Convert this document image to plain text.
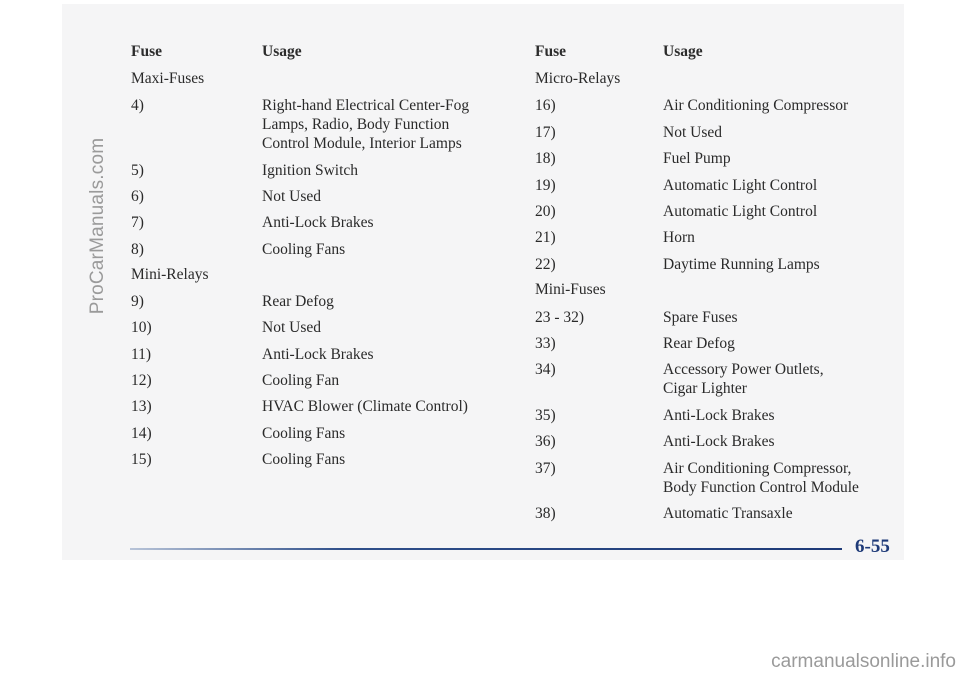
ProCarManuals.com
Fuse	Usage	Fuse	Usage
Maxi-Fuses
4)	Right-hand Electrical Center-Fog
Lamps, Radio, Body Function
Control Module, Interior Lamps
5)	Ignition Switch
6)	Not Used
7)	Anti-Lock Brakes
8)	Cooling Fans
Mini-Relays
9)	Rear Defog
10)	Not Used
11)	Anti-Lock Brakes
12)	Cooling Fan
13)	HVAC Blower (Climate Control)
14)	Cooling Fans
15)	Cooling Fans
Micro-Relays
16)	Air Conditioning Compressor
17)	Not Used
18)	Fuel Pump
19)	Automatic Light Control
20)	Automatic Light Control
21)	Horn
22)	Daytime Running Lamps
Mini-Fuses
23 - 32)	Spare Fuses
33)	Rear Defog
34)	Accessory Power Outlets,
Cigar Lighter
35)	Anti-Lock Brakes
36)	Anti-Lock Brakes
37)	Air Conditioning Compressor,
Body Function Control Module
38)	Automatic Transaxle
6-55
carmanualsonline.info
